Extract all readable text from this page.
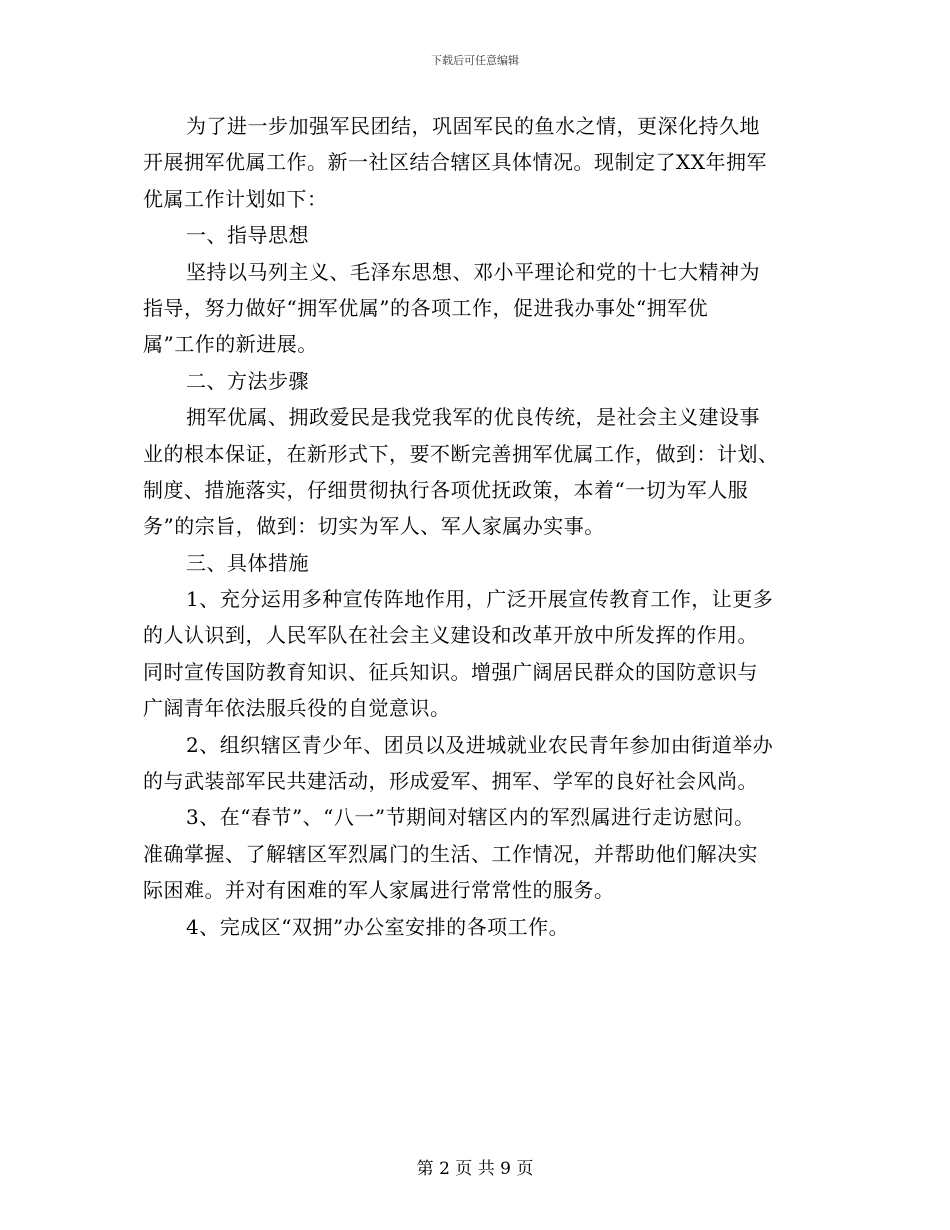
下载后可任意编辑
为了进一步加强军民团结，巩固军民的鱼水之情，更深化持久地
开展拥军优属工作。新一社区结合辖区具体情况。现制定了XX年拥军
优属工作计划如下：
一、指导思想
坚持以马列主义、毛泽东思想、邓小平理论和党的十七大精神为
指导，努力做好“拥军优属”的各项工作，促进我办事处“拥军优
属”工作的新进展。
二、方法步骤
拥军优属、拥政爱民是我党我军的优良传统，是社会主义建设事
业的根本保证，在新形式下，要不断完善拥军优属工作，做到：计划、
制度、措施落实，仔细贯彻执行各项优抚政策，本着“一切为军人服
务”的宗旨，做到：切实为军人、军人家属办实事。
三、具体措施
1、充分运用多种宣传阵地作用，广泛开展宣传教育工作，让更多
的人认识到，人民军队在社会主义建设和改革开放中所发挥的作用。
同时宣传国防教育知识、征兵知识。增强广阔居民群众的国防意识与
广阔青年依法服兵役的自觉意识。
2、组织辖区青少年、团员以及进城就业农民青年参加由街道举办
的与武装部军民共建活动，形成爱军、拥军、学军的良好社会风尚。
3、在“春节”、“八一”节期间对辖区内的军烈属进行走访慰问。
准确掌握、了解辖区军烈属门的生活、工作情况，并帮助他们解决实
际困难。并对有困难的军人家属进行常常性的服务。
4、完成区“双拥”办公室安排的各项工作。
第 2 页 共 9 页
